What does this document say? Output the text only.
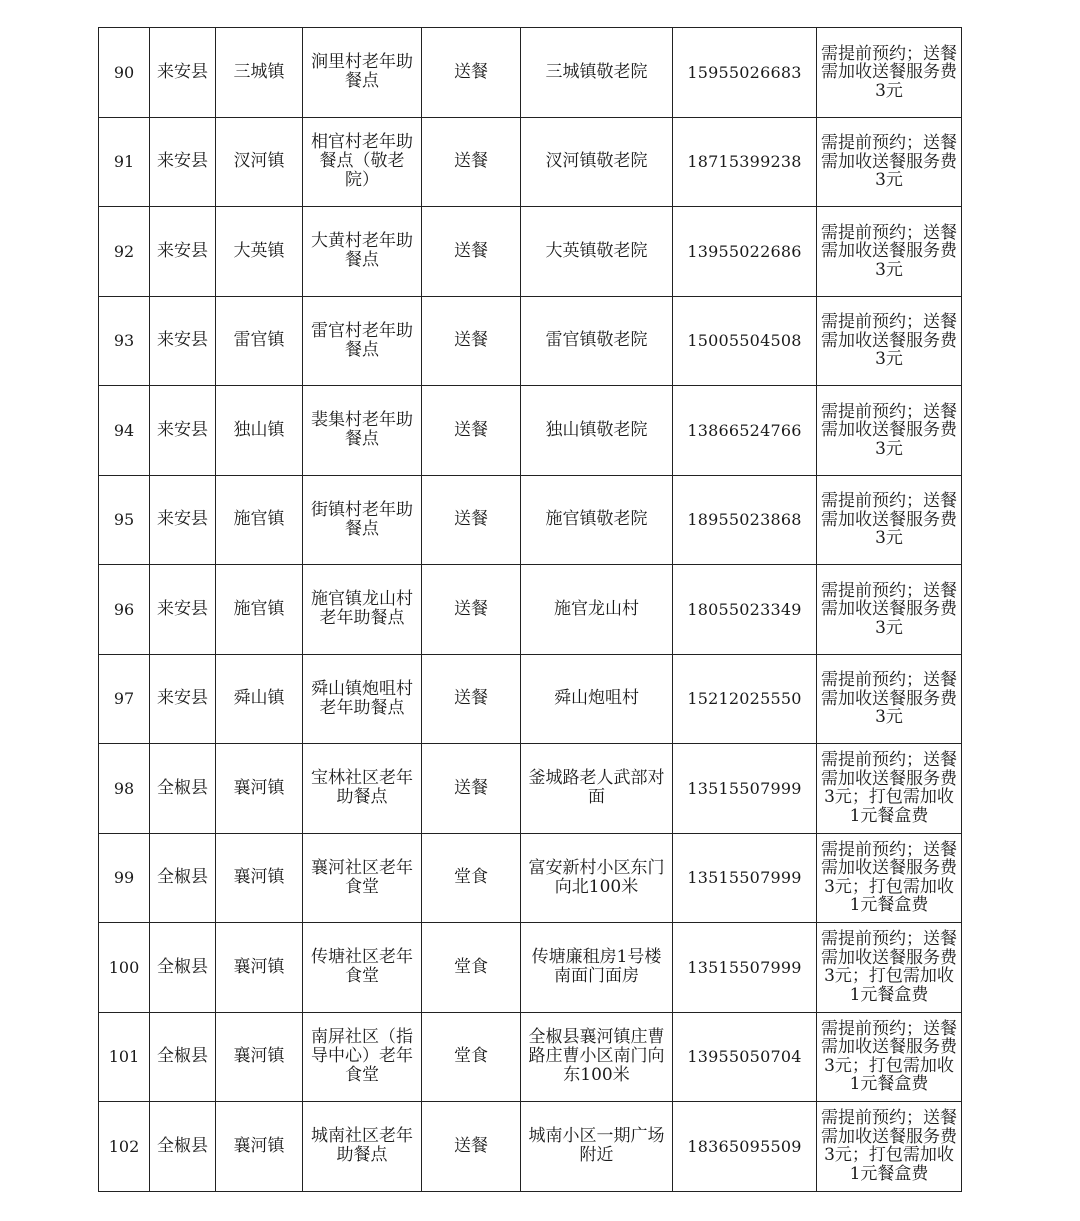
90	来安县	三城镇	涧里村老年助餐点	送餐	三城镇敬老院	15955026683	需提前预约；送餐需加收送餐服务费3元
91	来安县	汊河镇	相官村老年助餐点（敬老院）	送餐	汊河镇敬老院	18715399238	需提前预约；送餐需加收送餐服务费3元
92	来安县	大英镇	大黄村老年助餐点	送餐	大英镇敬老院	13955022686	需提前预约；送餐需加收送餐服务费3元
93	来安县	雷官镇	雷官村老年助餐点	送餐	雷官镇敬老院	15005504508	需提前预约；送餐需加收送餐服务费3元
94	来安县	独山镇	裴集村老年助餐点	送餐	独山镇敬老院	13866524766	需提前预约；送餐需加收送餐服务费3元
95	来安县	施官镇	街镇村老年助餐点	送餐	施官镇敬老院	18955023868	需提前预约；送餐需加收送餐服务费3元
96	来安县	施官镇	施官镇龙山村老年助餐点	送餐	施官龙山村	18055023349	需提前预约；送餐需加收送餐服务费3元
97	来安县	舜山镇	舜山镇炮咀村老年助餐点	送餐	舜山炮咀村	15212025550	需提前预约；送餐需加收送餐服务费3元
98	全椒县	襄河镇	宝林社区老年助餐点	送餐	釜城路老人武部对面	13515507999	需提前预约；送餐需加收送餐服务费3元；打包需加收1元餐盒费
99	全椒县	襄河镇	襄河社区老年食堂	堂食	富安新村小区东门向北100米	13515507999	需提前预约；送餐需加收送餐服务费3元；打包需加收1元餐盒费
100	全椒县	襄河镇	传塘社区老年食堂	堂食	传塘廉租房1号楼南面门面房	13515507999	需提前预约；送餐需加收送餐服务费3元；打包需加收1元餐盒费
101	全椒县	襄河镇	南屏社区（指导中心）老年食堂	堂食	全椒县襄河镇庄曹路庄曹小区南门向东100米	13955050704	需提前预约；送餐需加收送餐服务费3元；打包需加收1元餐盒费
102	全椒县	襄河镇	城南社区老年助餐点	送餐	城南小区一期广场附近	18365095509	需提前预约；送餐需加收送餐服务费3元；打包需加收1元餐盒费
